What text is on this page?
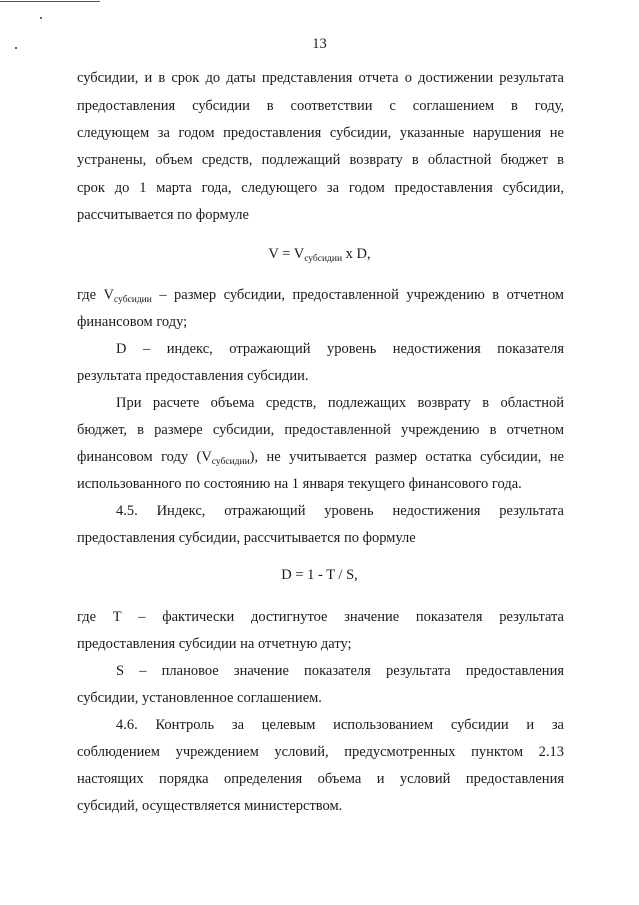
13
субсидии, и в срок до даты представления отчета о достижении результата
предоставления субсидии в соответствии с соглашением в году,
следующем за годом предоставления субсидии, указанные нарушения не
устранены, объем средств, подлежащий возврату в областной бюджет в
срок до 1 марта года, следующего за годом предоставления субсидии,
рассчитывается по формуле
$V = V_{субсидии}$ x D,
где $V_{субсидии}$ – размер субсидии, предоставленной учреждению в отчетном
финансовом году;
D – индекс, отражающий уровень недостижения показателя
результата предоставления субсидии.
При расчете объема средств, подлежащих возврату в областной
бюджет, в размере субсидии, предоставленной учреждению в отчетном
финансовом году $(V_{субсидии})$, не учитывается размер остатка субсидии, не
использованного по состоянию на 1 января текущего финансового года.
4.5. Индекс, отражающий уровень недостижения результата
предоставления субсидии, рассчитывается по формуле
D = 1 - T / S,
где Т – фактически достигнутое значение показателя результата
предоставления субсидии на отчетную дату;
S – плановое значение показателя результата предоставления
субсидии, установленное соглашением.
4.6. Контроль за целевым использованием субсидии и за
соблюдением учреждением условий, предусмотренных пунктом 2.13
настоящих порядка определения объема и условий предоставления
субсидий, осуществляется министерством.
